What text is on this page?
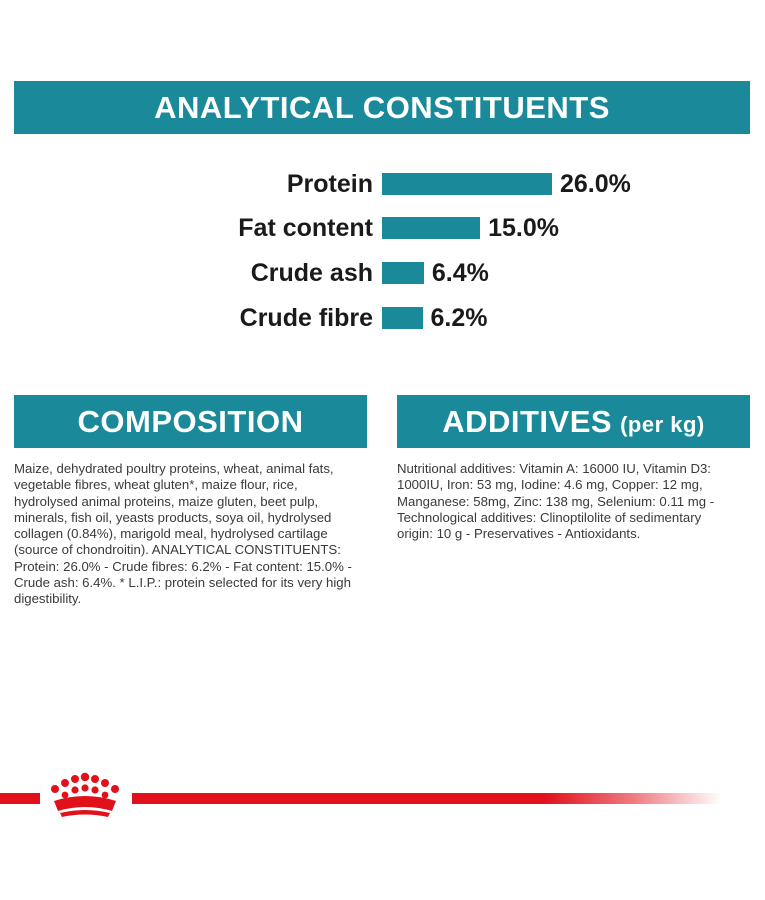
ANALYTICAL CONSTITUENTS
Protein	26.0%
Fat content	15.0%
Crude ash 6.4%
Crude fibre 6.2%
COMPOSITION	ADDITIVES (per kg)
Maize, dehydrated poultry proteins, wheat, animal fats,
vegetable fibres, wheat gluten*, maize flour, rice,
hydrolysed animal proteins, maize gluten, beet pulp,
minerals, fish oil, yeasts products, soya oil, hydrolysed
collagen (0.84%), marigold meal, hydrolysed cartilage
(source of chondroitin). ANALYTICAL CONSTITUENTS:
Protein: 26.0% - Crude fibres: 6.2% - Fat content: 15.0% -
Crude ash: 6.4%. * L.I.P.: protein selected for its very high
digestibility.
Nutritional additives: Vitamin A: 16000 IU, Vitamin D3:
1000IU, Iron: 53 mg, Iodine: 4.6 mg, Copper: 12 mg,
Manganese: 58mg, Zinc: 138 mg, Selenium: 0.11 mg -
Technological additives: Clinoptilolite of sedimentary
origin: 10 g - Preservatives - Antioxidants.
